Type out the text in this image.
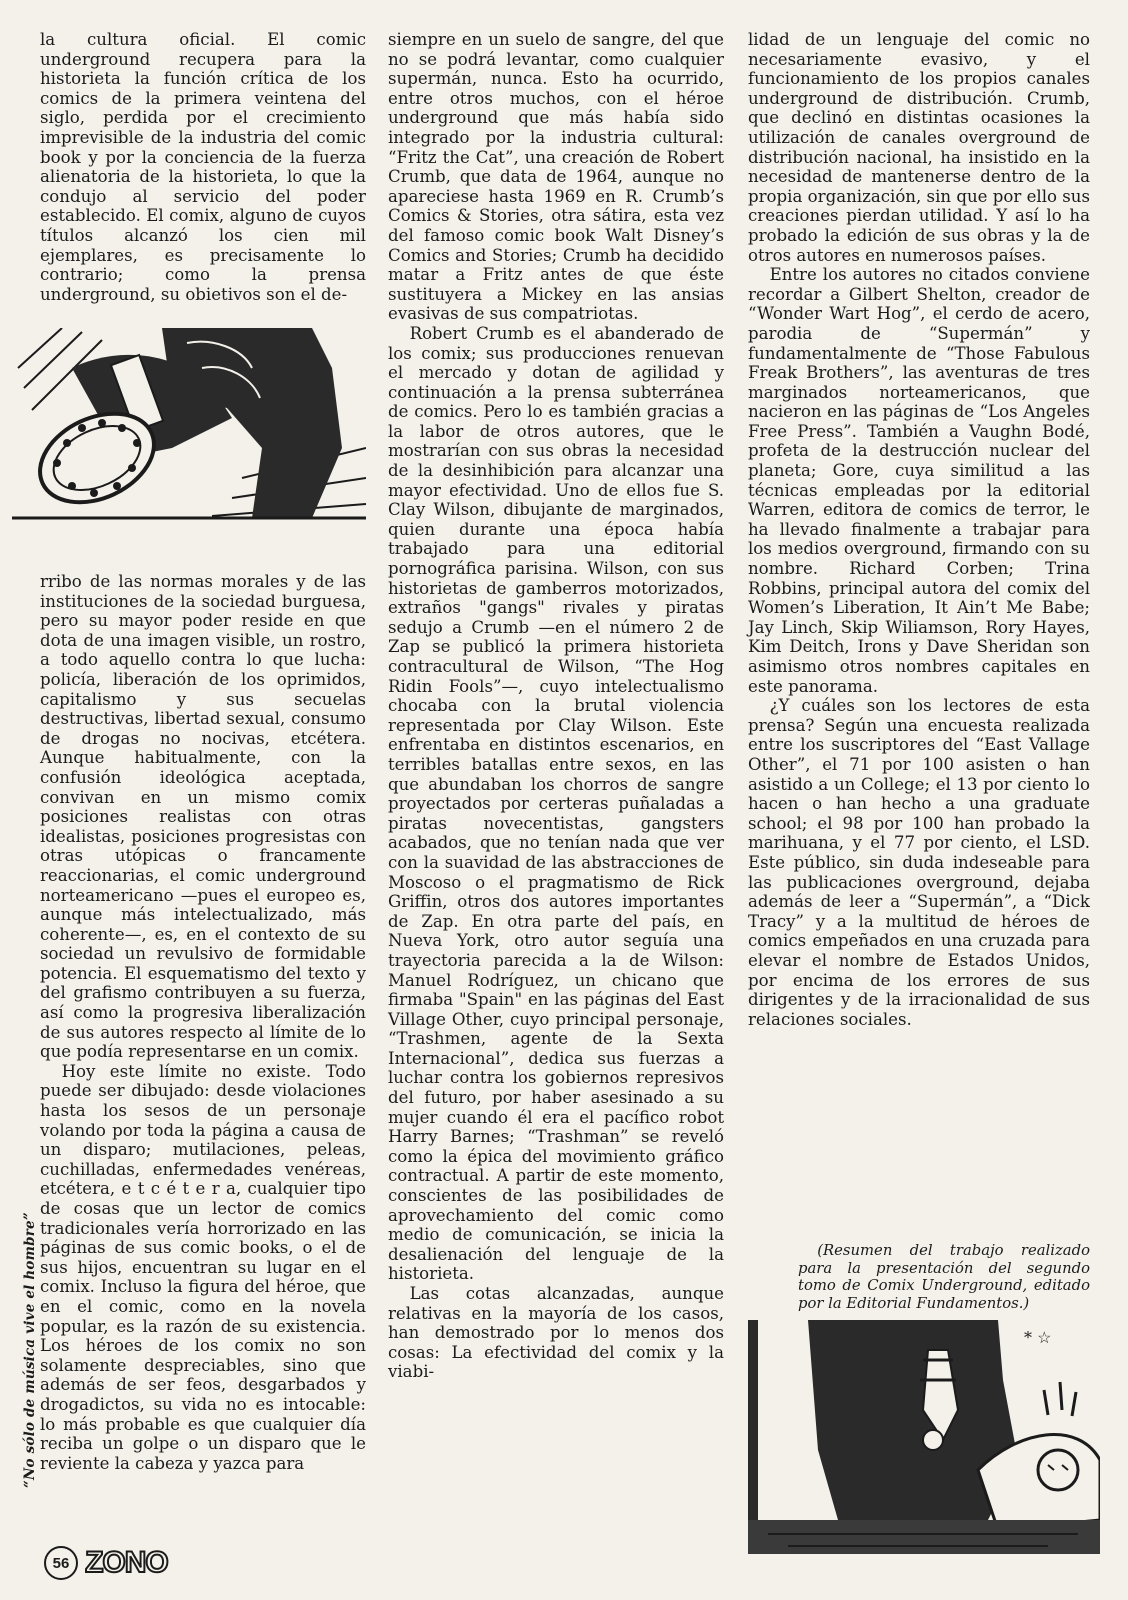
la cultura oficial. El comic underground recupera para la historieta la función crítica de los comics de la primera veintena del siglo, perdida por el crecimiento imprevisible de la industria del comic book y por la conciencia de la fuerza alienatoria de la historieta, lo que la condujo al servicio del poder establecido. El comix, alguno de cuyos títulos alcanzó los cien mil ejemplares, es precisamente lo contrario; como la prensa underground, su obietivos son el de-

rribo de las normas morales y de las instituciones de la sociedad burguesa, pero su mayor poder reside en que dota de una imagen visible, un rostro, a todo aquello contra lo que lucha: policía, liberación de los oprimidos, capitalismo y sus secuelas destructivas, libertad sexual, consumo de drogas no nocivas, etcétera. Aunque habitualmente, con la confusión ideológica aceptada, convivan en un mismo comix posiciones realistas con otras idealistas, posiciones progresistas con otras utópicas o francamente reaccionarias, el comic underground norteamericano —pues el europeo es, aunque más intelectualizado, más coherente—, es, en el contexto de su sociedad un revulsivo de formidable potencia. El esquematismo del texto y del grafismo contribuyen a su fuerza, así como la progresiva liberalización de sus autores respecto al límite de lo que podía representarse en un comix.

Hoy este límite no existe. Todo puede ser dibujado: desde violaciones hasta los sesos de un personaje volando por toda la página a causa de un disparo; mutilaciones, peleas, cuchilladas, enfermedades venéreas, etcétera, e t c é t e r a, cualquier tipo de cosas que un lector de comics tradicionales vería horrorizado en las páginas de sus comic books, o el de sus hijos, encuentran su lugar en el comix. Incluso la figura del héroe, que en el comic, como en la novela popular, es la razón de su existencia. Los héroes de los comix no son solamente despreciables, sino que además de ser feos, desgarbados y drogadictos, su vida no es intocable: lo más probable es que cualquier día reciba un golpe o un disparo que le reviente la cabeza y yazca para

siempre en un suelo de sangre, del que no se podrá levantar, como cualquier supermán, nunca. Esto ha ocurrido, entre otros muchos, con el héroe underground que más había sido integrado por la industria cultural: “Fritz the Cat”, una creación de Robert Crumb, que data de 1964, aunque no apareciese hasta 1969 en R. Crumb’s Comics & Stories, otra sátira, esta vez del famoso comic book Walt Disney’s Comics and Stories; Crumb ha decidido matar a Fritz antes de que éste sustituyera a Mickey en las ansias evasivas de sus compatriotas.

Robert Crumb es el abanderado de los comix; sus producciones renuevan el mercado y dotan de agilidad y continuación a la prensa subterránea de comics. Pero lo es también gracias a la labor de otros autores, que le mostrarían con sus obras la necesidad de la desinhibición para alcanzar una mayor efectividad. Uno de ellos fue S. Clay Wilson, dibujante de marginados, quien durante una época había trabajado para una editorial pornográfica parisina. Wilson, con sus historietas de gamberros motorizados, extraños "gangs" rivales y piratas sedujo a Crumb —en el número 2 de Zap se publicó la primera historieta contracultural de Wilson, “The Hog Ridin Fools”—, cuyo intelectualismo chocaba con la brutal violencia representada por Clay Wilson. Este enfrentaba en distintos escenarios, en terribles batallas entre sexos, en las que abundaban los chorros de sangre proyectados por certeras puñaladas a piratas novecentistas, gangsters acabados, que no tenían nada que ver con la suavidad de las abstracciones de Moscoso o el pragmatismo de Rick Griffin, otros dos autores importantes de Zap. En otra parte del país, en Nueva York, otro autor seguía una trayectoria parecida a la de Wilson: Manuel Rodríguez, un chicano que firmaba "Spain" en las páginas del East Village Other, cuyo principal personaje, “Trashmen, agente de la Sexta Internacional”, dedica sus fuerzas a luchar contra los gobiernos represivos del futuro, por haber asesinado a su mujer cuando él era el pacífico robot Harry Barnes; “Trashman” se reveló como la épica del movimiento gráfico contractual. A partir de este momento, conscientes de las posibilidades de aprovechamiento del comic como medio de comunicación, se inicia la desalienación del lenguaje de la historieta.

Las cotas alcanzadas, aunque relativas en la mayoría de los casos, han demostrado por lo menos dos cosas: La efectividad del comix y la viabi-

lidad de un lenguaje del comic no necesariamente evasivo, y el funcionamiento de los propios canales underground de distribución. Crumb, que declinó en distintas ocasiones la utilización de canales overground de distribución nacional, ha insistido en la necesidad de mantenerse dentro de la propia organización, sin que por ello sus creaciones pierdan utilidad. Y así lo ha probado la edición de sus obras y la de otros autores en numerosos países.

Entre los autores no citados conviene recordar a Gilbert Shelton, creador de “Wonder Wart Hog”, el cerdo de acero, parodia de “Supermán” y fundamentalmente de “Those Fabulous Freak Brothers”, las aventuras de tres marginados norteamericanos, que nacieron en las páginas de “Los Angeles Free Press”. También a Vaughn Bodé, profeta de la destrucción nuclear del planeta; Gore, cuya similitud a las técnicas empleadas por la editorial Warren, editora de comics de terror, le ha llevado finalmente a trabajar para los medios overground, firmando con su nombre. Richard Corben; Trina Robbins, principal autora del comix del Women’s Liberation, It Ain’t Me Babe; Jay Linch, Skip Wiliamson, Rory Hayes, Kim Deitch, Irons y Dave Sheridan son asimismo otros nombres capitales en este panorama.

¿Y cuáles son los lectores de esta prensa? Según una encuesta realizada entre los suscriptores del “East Vallage Other”, el 71 por 100 asisten o han asistido a un College; el 13 por ciento lo hacen o han hecho a una graduate school; el 98 por 100 han probado la marihuana, y el 77 por ciento, el LSD. Este público, sin duda indeseable para las publicaciones overground, dejaba además de leer a “Supermán”, a “Dick Tracy” y a la multitud de héroes de comics empeñados en una cruzada para elevar el nombre de Estados Unidos, por encima de los errores de sus dirigentes y de la irracionalidad de sus relaciones sociales.

(Resumen del trabajo realizado para la presentación del segundo tomo de Comix Underground, editado por la Editorial Fundamentos.)

* ☆
“No sólo de música vive el hombre”
56 ZONO
